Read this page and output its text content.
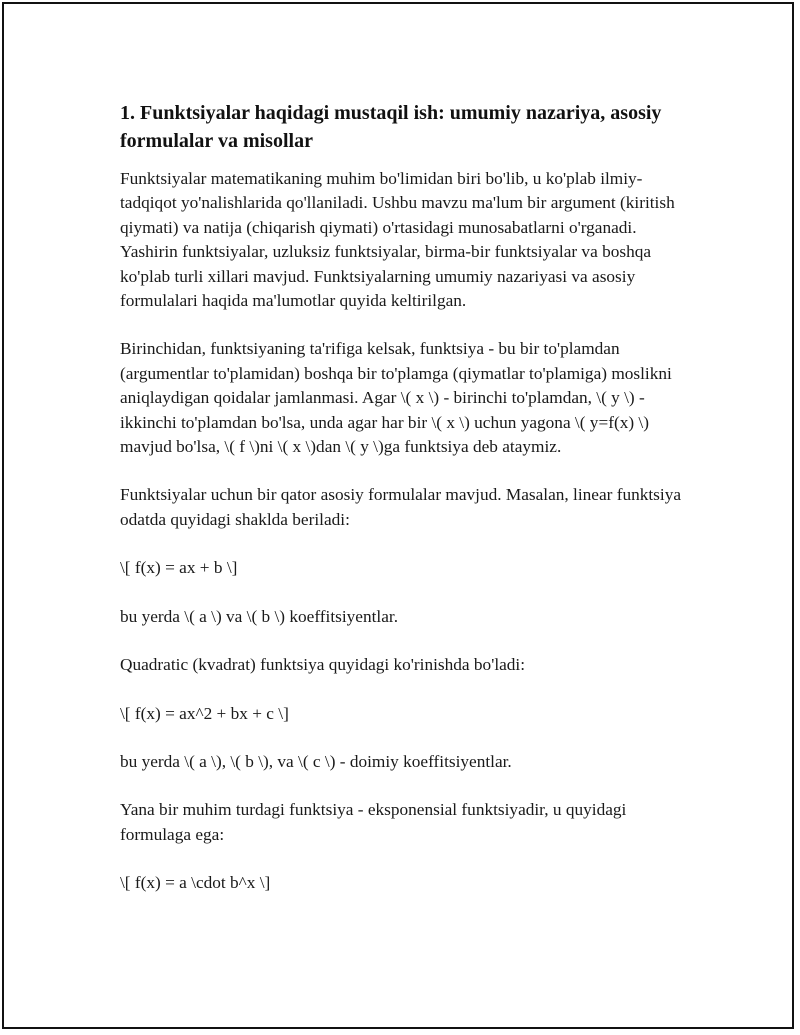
1. Funktsiyalar haqidagi mustaqil ish: umumiy nazariya, asosiy formulalar va misollar

Funktsiyalar matematikaning muhim bo'limidan biri bo'lib, u ko'plab ilmiy-tadqiqot yo'nalishlarida qo'llaniladi. Ushbu mavzu ma'lum bir argument (kiritish qiymati) va natija (chiqarish qiymati) o'rtasidagi munosabatlarni o'rganadi. Yashirin funktsiyalar, uzluksiz funktsiyalar, birma-bir funktsiyalar va boshqa ko'plab turli xillari mavjud. Funktsiyalarning umumiy nazariyasi va asosiy formulalari haqida ma'lumotlar quyida keltirilgan.

Birinchidan, funktsiyaning ta'rifiga kelsak, funktsiya - bu bir to'plamdan (argumentlar to'plamidan) boshqa bir to'plamga (qiymatlar to'plamiga) moslikni aniqlaydigan qoidalar jamlanmasi. Agar \( x \) - birinchi to'plamdan, \( y \) - ikkinchi to'plamdan bo'lsa, unda agar har bir \( x \) uchun yagona \( y=f(x) \) mavjud bo'lsa, \( f \)ni \( x \)dan \( y \)ga funktsiya deb ataymiz.

Funktsiyalar uchun bir qator asosiy formulalar mavjud. Masalan, linear funktsiya odatda quyidagi shaklda beriladi:

\[ f(x) = ax + b \]

bu yerda \( a \) va \( b \) koeffitsiyentlar.

Quadratic (kvadrat) funktsiya quyidagi ko'rinishda bo'ladi:

\[ f(x) = ax^2 + bx + c \]

bu yerda \( a \), \( b \), va \( c \) - doimiy koeffitsiyentlar.

Yana bir muhim turdagi funktsiya - eksponensial funktsiyadir, u quyidagi formulaga ega:

\[ f(x) = a \cdot b^x \]
